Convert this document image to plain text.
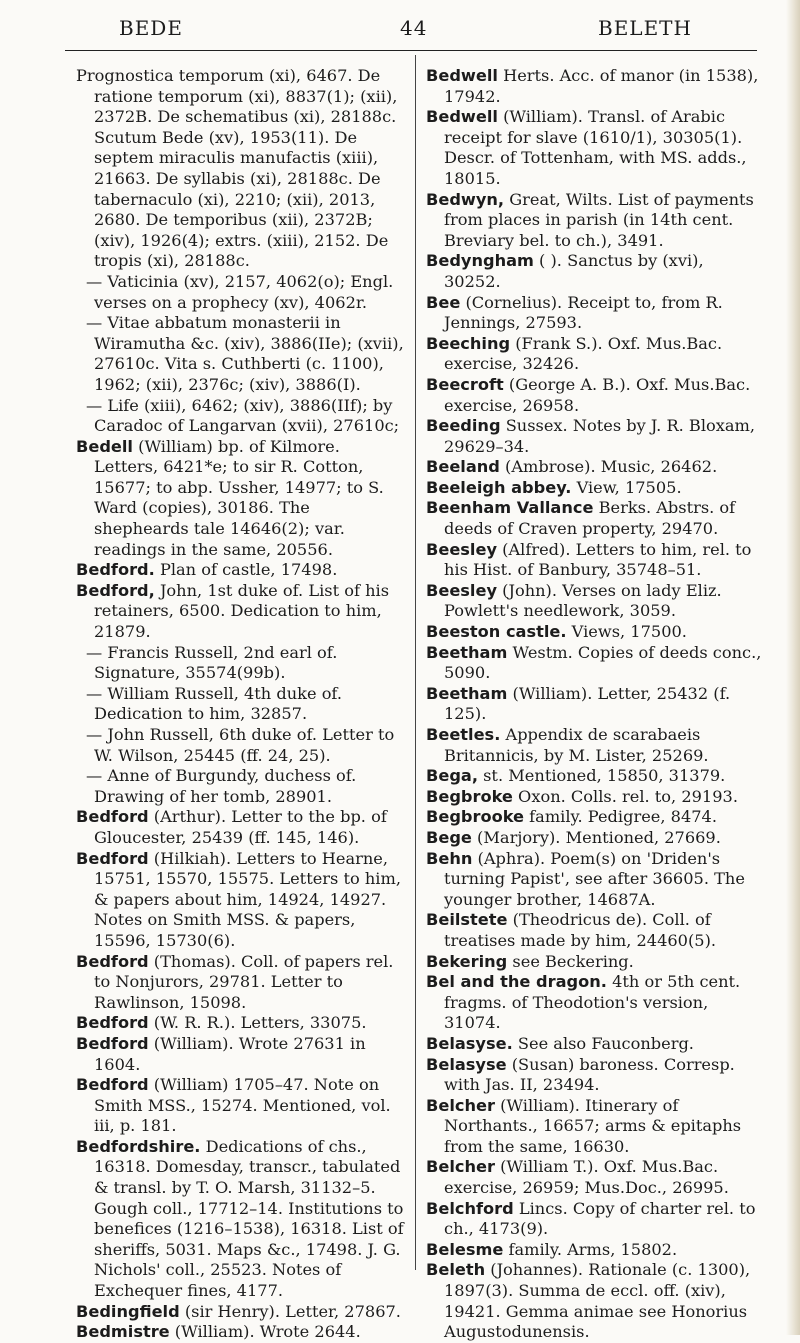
BEDE	44	BELETH
Prognostica temporum (xi), 6467. De ratione temporum (xi), 8837(1); (xii), 2372B. De schematibus (xi), 28188c. Scutum Bede (xv), 1953(11). De septem miraculis manufactis (xiii), 21663. De syllabis (xi), 28188c. De tabernaculo (xi), 2210; (xii), 2013, 2680. De temporibus (xii), 2372B; (xiv), 1926(4); extrs. (xiii), 2152. De tropis (xi), 28188c.
— Vaticinia (xv), 2157, 4062(o); Engl. verses on a prophecy (xv), 4062r.
— Vitae abbatum monasterii in Wiramutha &c. (xiv), 3886(IIe); (xvii), 27610c. Vita s. Cuthberti (c. 1100), 1962; (xii), 2376c; (xiv), 3886(I).
— Life (xiii), 6462; (xiv), 3886(IIf); by Caradoc of Langarvan (xvii), 27610c;
Bedell (William) bp. of Kilmore. Letters, 6421*e; to sir R. Cotton, 15677; to abp. Ussher, 14977; to S. Ward (copies), 30186. The shepheards tale 14646(2); var. readings in the same, 20556.
Bedford. Plan of castle, 17498.
Bedford, John, 1st duke of. List of his retainers, 6500. Dedication to him, 21879.
— Francis Russell, 2nd earl of. Signature, 35574(99b).
— William Russell, 4th duke of. Dedication to him, 32857.
— John Russell, 6th duke of. Letter to W. Wilson, 25445 (ff. 24, 25).
— Anne of Burgundy, duchess of. Drawing of her tomb, 28901.
Bedford (Arthur). Letter to the bp. of Gloucester, 25439 (ff. 145, 146).
Bedford (Hilkiah). Letters to Hearne, 15751, 15570, 15575. Letters to him, & papers about him, 14924, 14927. Notes on Smith MSS. & papers, 15596, 15730(6).
Bedford (Thomas). Coll. of papers rel. to Nonjurors, 29781. Letter to Rawlinson, 15098.
Bedford (W. R. R.). Letters, 33075.
Bedford (William). Wrote 27631 in 1604.
Bedford (William) 1705–47. Note on Smith MSS., 15274. Mentioned, vol. iii, p. 181.
Bedfordshire. Dedications of chs., 16318. Domesday, transcr., tabulated & transl. by T. O. Marsh, 31132–5. Gough coll., 17712–14. Institutions to benefices (1216–1538), 16318. List of sheriffs, 5031. Maps &c., 17498. J. G. Nichols' coll., 25523. Notes of Exchequer fines, 4177.
Bedingfield (sir Henry). Letter, 27867.
Bedmistre (William). Wrote 2644.
Bedwell Herts. Acc. of manor (in 1538), 17942.
Bedwell (William). Transl. of Arabic receipt for slave (1610/1), 30305(1). Descr. of Tottenham, with MS. adds., 18015.
Bedwyn, Great, Wilts. List of payments from places in parish (in 14th cent. Breviary bel. to ch.), 3491.
Bedyngham ( ). Sanctus by (xvi), 30252.
Bee (Cornelius). Receipt to, from R. Jennings, 27593.
Beeching (Frank S.). Oxf. Mus.Bac. exercise, 32426.
Beecroft (George A. B.). Oxf. Mus.Bac. exercise, 26958.
Beeding Sussex. Notes by J. R. Bloxam, 29629–34.
Beeland (Ambrose). Music, 26462.
Beeleigh abbey. View, 17505.
Beenham Vallance Berks. Abstrs. of deeds of Craven property, 29470.
Beesley (Alfred). Letters to him, rel. to his Hist. of Banbury, 35748–51.
Beesley (John). Verses on lady Eliz. Powlett's needlework, 3059.
Beeston castle. Views, 17500.
Beetham Westm. Copies of deeds conc., 5090.
Beetham (William). Letter, 25432 (f. 125).
Beetles. Appendix de scarabaeis Britannicis, by M. Lister, 25269.
Bega, st. Mentioned, 15850, 31379.
Begbroke Oxon. Colls. rel. to, 29193.
Begbrooke family. Pedigree, 8474.
Bege (Marjory). Mentioned, 27669.
Behn (Aphra). Poem(s) on 'Driden's turning Papist', see after 36605. The younger brother, 14687A.
Beilstete (Theodricus de). Coll. of treatises made by him, 24460(5).
Bekering see Beckering.
Bel and the dragon. 4th or 5th cent. fragms. of Theodotion's version, 31074.
Belasyse. See also Fauconberg.
Belasyse (Susan) baroness. Corresp. with Jas. II, 23494.
Belcher (William). Itinerary of Northants., 16657; arms & epitaphs from the same, 16630.
Belcher (William T.). Oxf. Mus.Bac. exercise, 26959; Mus.Doc., 26995.
Belchford Lincs. Copy of charter rel. to ch., 4173(9).
Belesme family. Arms, 15802.
Beleth (Johannes). Rationale (c. 1300), 1897(3). Summa de eccl. off. (xiv), 19421. Gemma animae see Honorius Augustodunensis.
